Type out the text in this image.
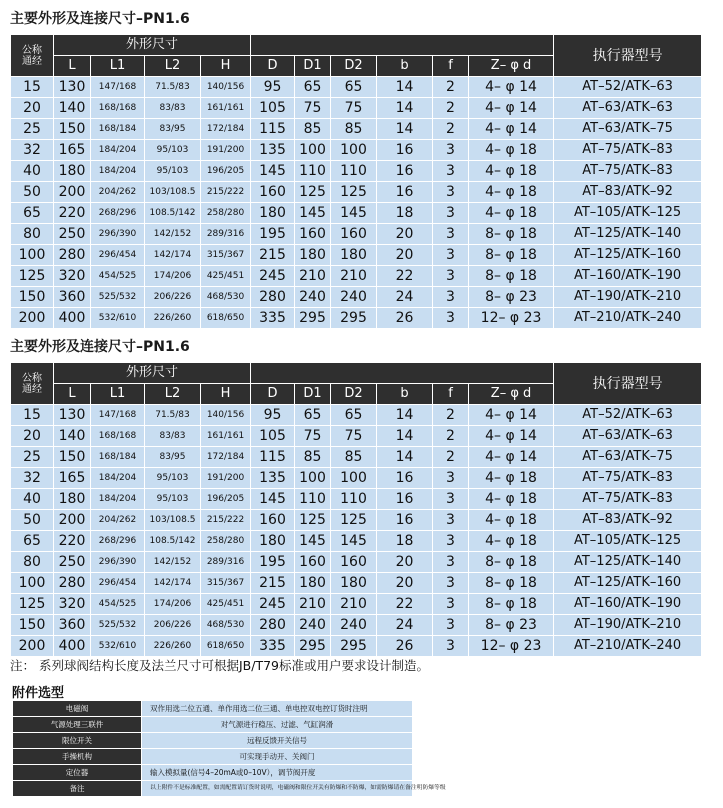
主要外形及连接尺寸–PN1.6
公称
通经	外形尺寸										执行器型号
	L	L1	L2	H	D	D1	D2	b	f	Z– φ d	
15	130	147/168	71.5/83	140/156	95	65	65	14	2	4– φ 14	AT–52/ATK–63
20	140	168/168	83/83	161/161	105	75	75	14	2	4– φ 14	AT–63/ATK–63
25	150	168/184	83/95	172/184	115	85	85	14	2	4– φ 14	AT–63/ATK–75
32	165	184/204	95/103	191/200	135	100	100	16	3	4– φ 18	AT–75/ATK–83
40	180	184/204	95/103	196/205	145	110	110	16	3	4– φ 18	AT–75/ATK–83
50	200	204/262	103/108.5	215/222	160	125	125	16	3	4– φ 18	AT–83/ATK–92
65	220	268/296	108.5/142	258/280	180	145	145	18	3	4– φ 18	AT–105/ATK–125
80	250	296/390	142/152	289/316	195	160	160	20	3	8– φ 18	AT–125/ATK–140
100	280	296/454	142/174	315/367	215	180	180	20	3	8– φ 18	AT–125/ATK–160
125	320	454/525	174/206	425/451	245	210	210	22	3	8– φ 18	AT–160/ATK–190
150	360	525/532	206/226	468/530	280	240	240	24	3	8– φ 23	AT–190/ATK–210
200	400	532/610	226/260	618/650	335	295	295	26	3	12– φ 23	AT–210/ATK–240
主要外形及连接尺寸–PN1.6
公称
通经	外形尺寸										执行器型号
	L	L1	L2	H	D	D1	D2	b	f	Z– φ d	
15	130	147/168	71.5/83	140/156	95	65	65	14	2	4– φ 14	AT–52/ATK–63
20	140	168/168	83/83	161/161	105	75	75	14	2	4– φ 14	AT–63/ATK–63
25	150	168/184	83/95	172/184	115	85	85	14	2	4– φ 14	AT–63/ATK–75
32	165	184/204	95/103	191/200	135	100	100	16	3	4– φ 18	AT–75/ATK–83
40	180	184/204	95/103	196/205	145	110	110	16	3	4– φ 18	AT–75/ATK–83
50	200	204/262	103/108.5	215/222	160	125	125	16	3	4– φ 18	AT–83/ATK–92
65	220	268/296	108.5/142	258/280	180	145	145	18	3	4– φ 18	AT–105/ATK–125
80	250	296/390	142/152	289/316	195	160	160	20	3	8– φ 18	AT–125/ATK–140
100	280	296/454	142/174	315/367	215	180	180	20	3	8– φ 18	AT–125/ATK–160
125	320	454/525	174/206	425/451	245	210	210	22	3	8– φ 18	AT–160/ATK–190
150	360	525/532	206/226	468/530	280	240	240	24	3	8– φ 23	AT–190/ATK–210
200	400	532/610	226/260	618/650	335	295	295	26	3	12– φ 23	AT–210/ATK–240
注： 系列球阀结构长度及法兰尺寸可根据JB/T79标准或用户要求设计制造。
附件选型
电磁阀	双作用选二位五通、单作用选二位三通、单电控双电控订货时注明
气源处理三联件	对气源进行稳压、过滤、气缸润滑
限位开关	远程反馈开关信号
手操机构	可实现手动开、关阀门
定位器	输入模拟量(信号4–20mA或0–10V），调节阀开度
备注	以上附件不是标准配置，如需配置请订货时说明，电磁阀和限位开关有防爆和不防爆，如需防爆请在备注明防爆等级
